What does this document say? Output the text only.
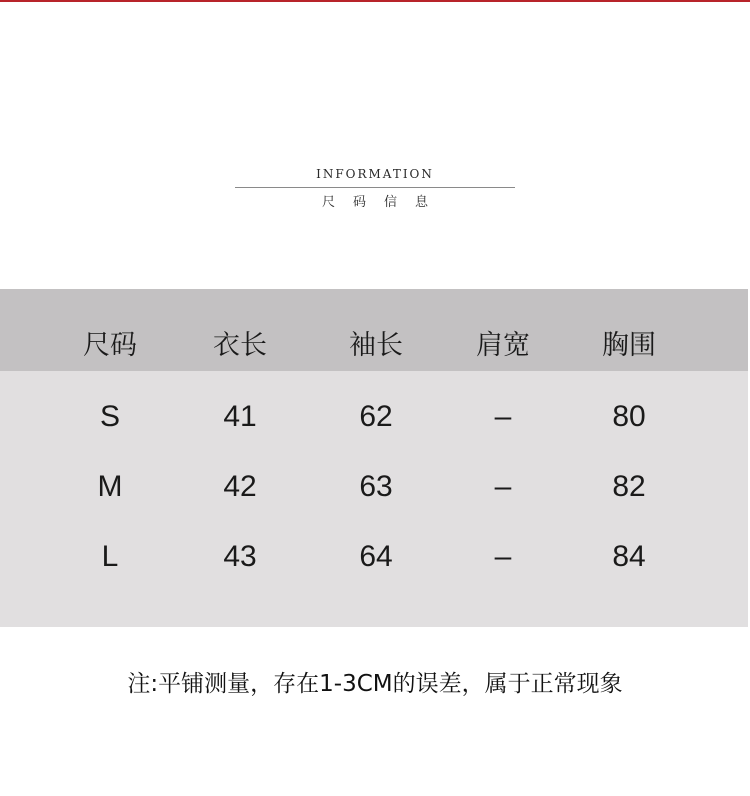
INFORMATION
尺码信息
尺码	衣长	袖长	肩宽	胸围
S	41	62	–	80
M	42	63	–	82
L	43	64	–	84
注:平铺测量，存在1-3CM的误差，属于正常现象
